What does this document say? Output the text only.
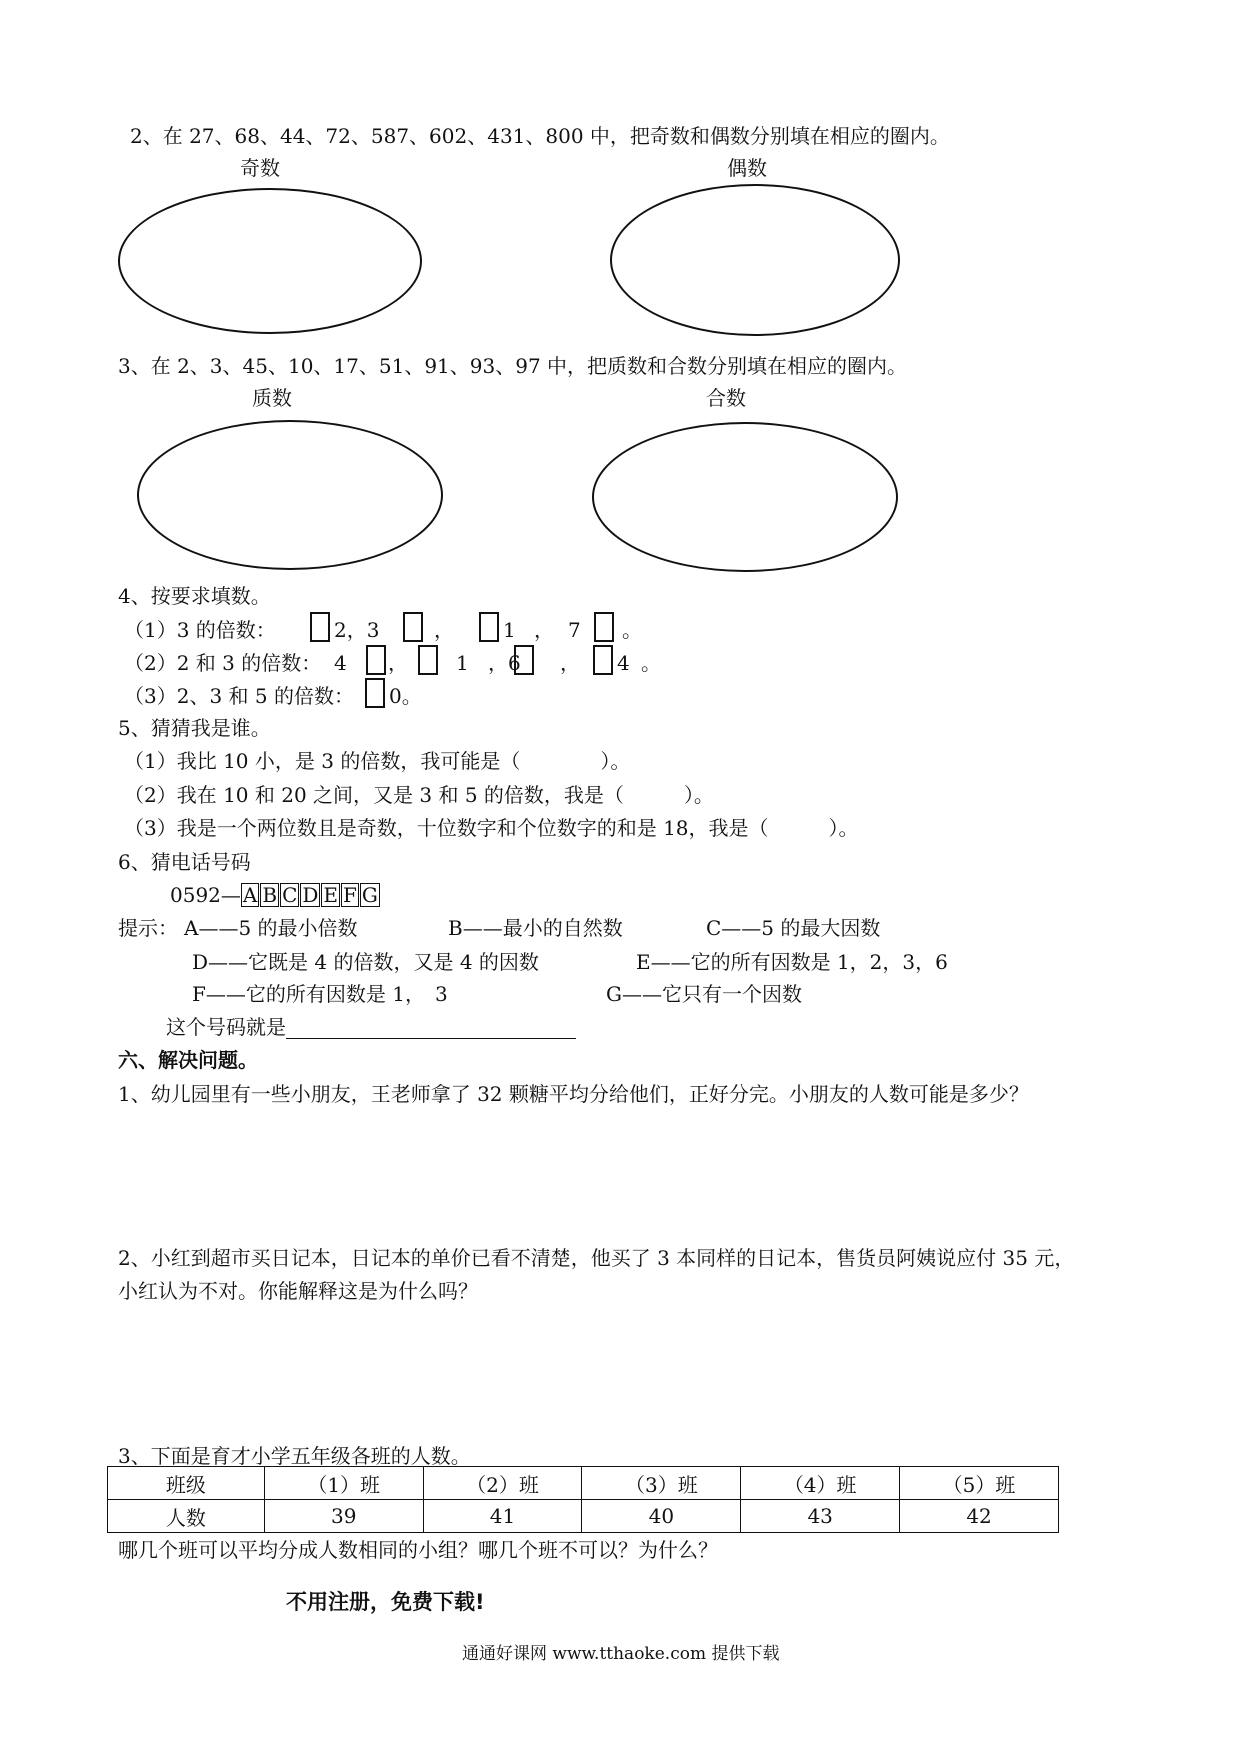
2、在 27、68、44、72、587、602、431、800 中，把奇数和偶数分别填在相应的圈内。
奇数	偶数
3、在 2、3、45、10、17、51、91、93、97 中，把质数和合数分别填在相应的圈内。
质数	合数
4、按要求填数。
（1）3 的倍数：	2，3	， 1 ， 7 。
（2）2 和 3 的倍数： 4 ， 1 ，6 ， 4 。
（3）2、3 和 5 的倍数： 0。
5、猜猜我是谁。
（1）我比 10 小，是 3 的倍数，我可能是（　　　　）。
（2）我在 10 和 20 之间，又是 3 和 5 的倍数，我是（　　　）。
（3）我是一个两位数且是奇数，十位数字和个位数字的和是 18，我是（　　　）。
6、猜电话号码
0592— A B C D E F G
提示： A——5 的最小倍数	B——最小的自然数	C——5 的最大因数
D——它既是 4 的倍数，又是 4 的因数	E——它的所有因数是 1，2，3，6
F——它的所有因数是 1，　3	G——它只有一个因数
这个号码就是
六、解决问题。
1、幼儿园里有一些小朋友，王老师拿了 32 颗糖平均分给他们，正好分完。小朋友的人数可能是多少？
2、小红到超市买日记本，日记本的单价已看不清楚，他买了 3 本同样的日记本，售货员阿姨说应付 35 元，
小红认为不对。你能解释这是为什么吗？
3、下面是育才小学五年级各班的人数。
班级	（1）班	（2）班	（3）班	（4）班	（5）班
人数	39	41	40	43	42
哪几个班可以平均分成人数相同的小组？哪几个班不可以？为什么？
不用注册，免费下载!
通通好课网 www.tthaoke.com 提供下载
